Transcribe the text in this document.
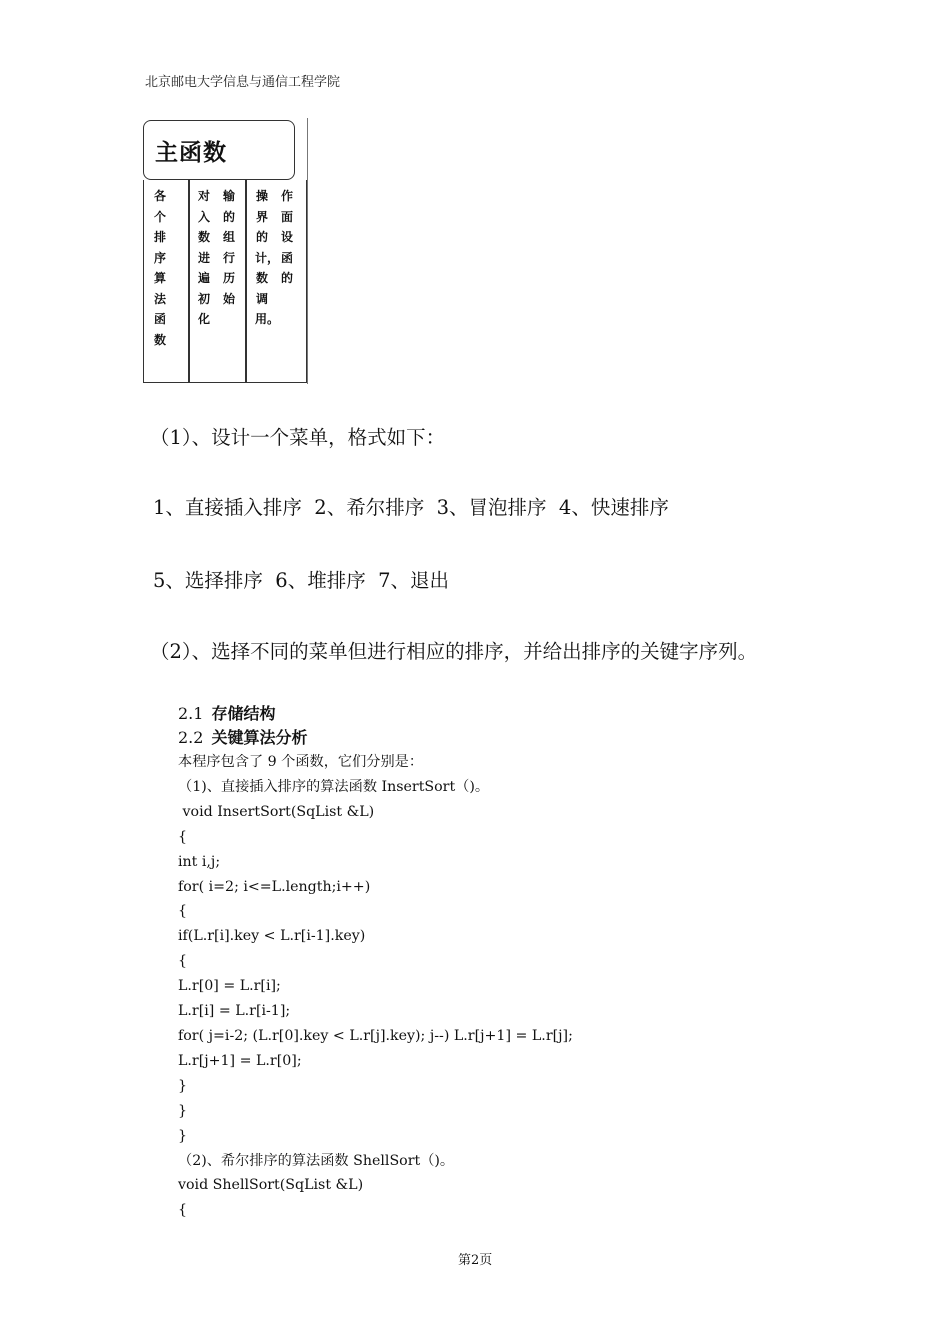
北京邮电大学信息与通信工程学院
主函数
各个排序算法函数
对入数进遍初化
输的组行历始
操界的计，数调用。
作面设函的
（1）、设计一个菜单，格式如下：
1、直接插入排序  2、希尔排序  3、冒泡排序  4、快速排序
5、选择排序  6、堆排序  7、退出
（2）、选择不同的菜单但进行相应的排序，并给出排序的关键字序列。
2.1 存储结构
2.2 关键算法分析
本程序包含了 9 个函数，它们分别是：
（1)、直接插入排序的算法函数 InsertSort（)。
void InsertSort(SqList &L)
{
int i,j;
for( i=2; i<=L.length;i++)
{
if(L.r[i].key < L.r[i-1].key)
{
L.r[0] = L.r[i];
L.r[i] = L.r[i-1];
for( j=i-2; (L.r[0].key < L.r[j].key); j--) L.r[j+1] = L.r[j];
L.r[j+1] = L.r[0];
}
}
}
（2)、希尔排序的算法函数 ShellSort（)。
void ShellSort(SqList &L)
{
第2页
